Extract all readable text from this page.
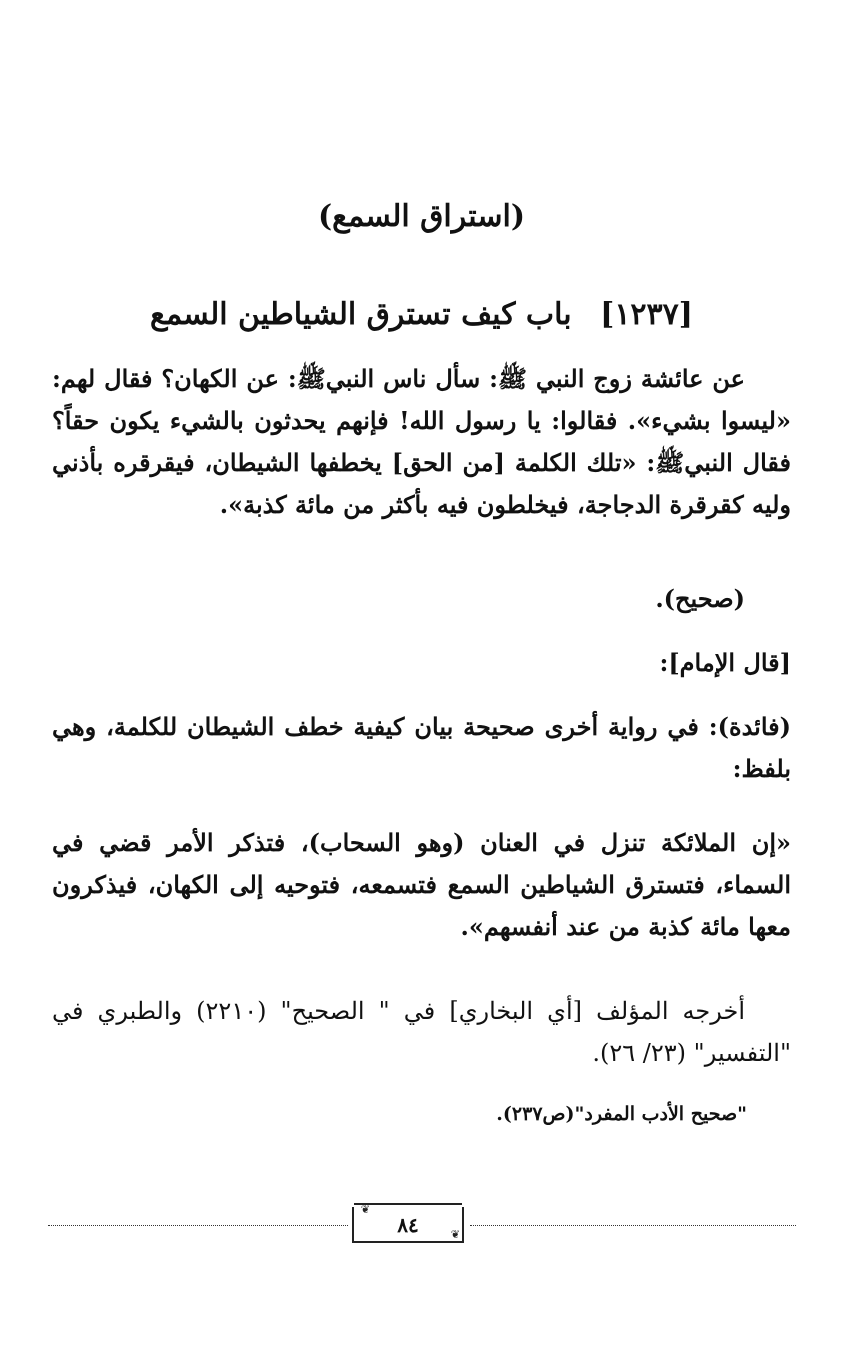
(استراق السمع)
[١٢٣٧] باب كيف تسترق الشياطين السمع

عن عائشة زوج النبي ﷺ: سأل ناس النبيﷺ: عن الكهان؟ فقال لهم: «ليسوا بشيء». فقالوا: يا رسول الله! فإنهم يحدثون بالشيء يكون حقاً؟ فقال النبيﷺ: «تلك الكلمة [من الحق] يخطفها الشيطان، فيقرقره بأذني وليه كقرقرة الدجاجة، فيخلطون فيه بأكثر من مائة كذبة».

(صحيح).
[قال الإمام]:
(فائدة): في رواية أخرى صحيحة بيان كيفية خطف الشيطان للكلمة، وهي بلفظ:
«إن الملائكة تنزل في العنان (وهو السحاب)، فتذكر الأمر قضي في السماء، فتسترق الشياطين السمع فتسمعه، فتوحيه إلى الكهان، فيذكرون معها مائة كذبة من عند أنفسهم».

أخرجه المؤلف [أي البخاري] في " الصحيح" (٢٢١٠) والطبري في "التفسير" (٢٣/ ٢٦).

"صحيح الأدب المفرد"(ص٢٣٧).
❦
❦
٨٤
